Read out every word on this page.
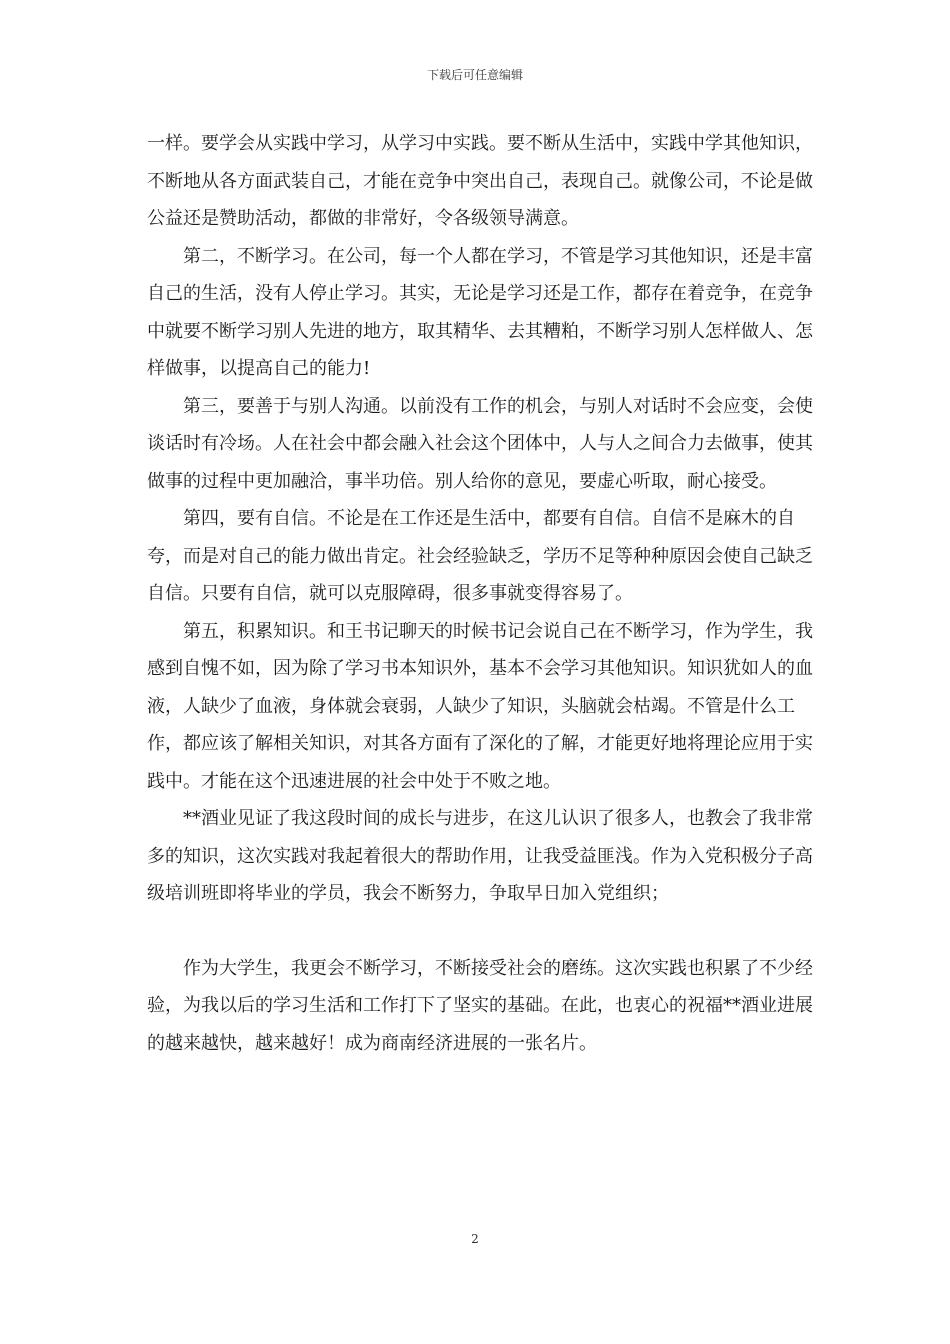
下载后可任意编辑

一样。要学会从实践中学习，从学习中实践。要不断从生活中，实践中学其他知识，不断地从各方面武装自己，才能在竞争中突出自己，表现自己。就像公司，不论是做公益还是赞助活动，都做的非常好，令各级领导满意。

第二，不断学习。在公司，每一个人都在学习，不管是学习其他知识，还是丰富自己的生活，没有人停止学习。其实，无论是学习还是工作，都存在着竞争，在竞争中就要不断学习别人先进的地方，取其精华、去其糟粕，不断学习别人怎样做人、怎样做事，以提高自己的能力!

第三，要善于与别人沟通。以前没有工作的机会，与别人对话时不会应变，会使谈话时有冷场。人在社会中都会融入社会这个团体中，人与人之间合力去做事，使其做事的过程中更加融洽，事半功倍。别人给你的意见，要虚心听取，耐心接受。

第四，要有自信。不论是在工作还是生活中，都要有自信。自信不是麻木的自夸，而是对自己的能力做出肯定。社会经验缺乏，学历不足等种种原因会使自己缺乏自信。只要有自信，就可以克服障碍，很多事就变得容易了。

第五，积累知识。和王书记聊天的时候书记会说自己在不断学习，作为学生，我感到自愧不如，因为除了学习书本知识外，基本不会学习其他知识。知识犹如人的血液，人缺少了血液，身体就会衰弱，人缺少了知识，头脑就会枯竭。不管是什么工作，都应该了解相关知识，对其各方面有了深化的了解，才能更好地将理论应用于实践中。才能在这个迅速进展的社会中处于不败之地。

**酒业见证了我这段时间的成长与进步，在这儿认识了很多人，也教会了我非常多的知识，这次实践对我起着很大的帮助作用，让我受益匪浅。作为入党积极分子高级培训班即将毕业的学员，我会不断努力，争取早日加入党组织；

作为大学生，我更会不断学习，不断接受社会的磨练。这次实践也积累了不少经验，为我以后的学习生活和工作打下了坚实的基础。在此，也衷心的祝福**酒业进展的越来越快，越来越好！成为商南经济进展的一张名片。

2
